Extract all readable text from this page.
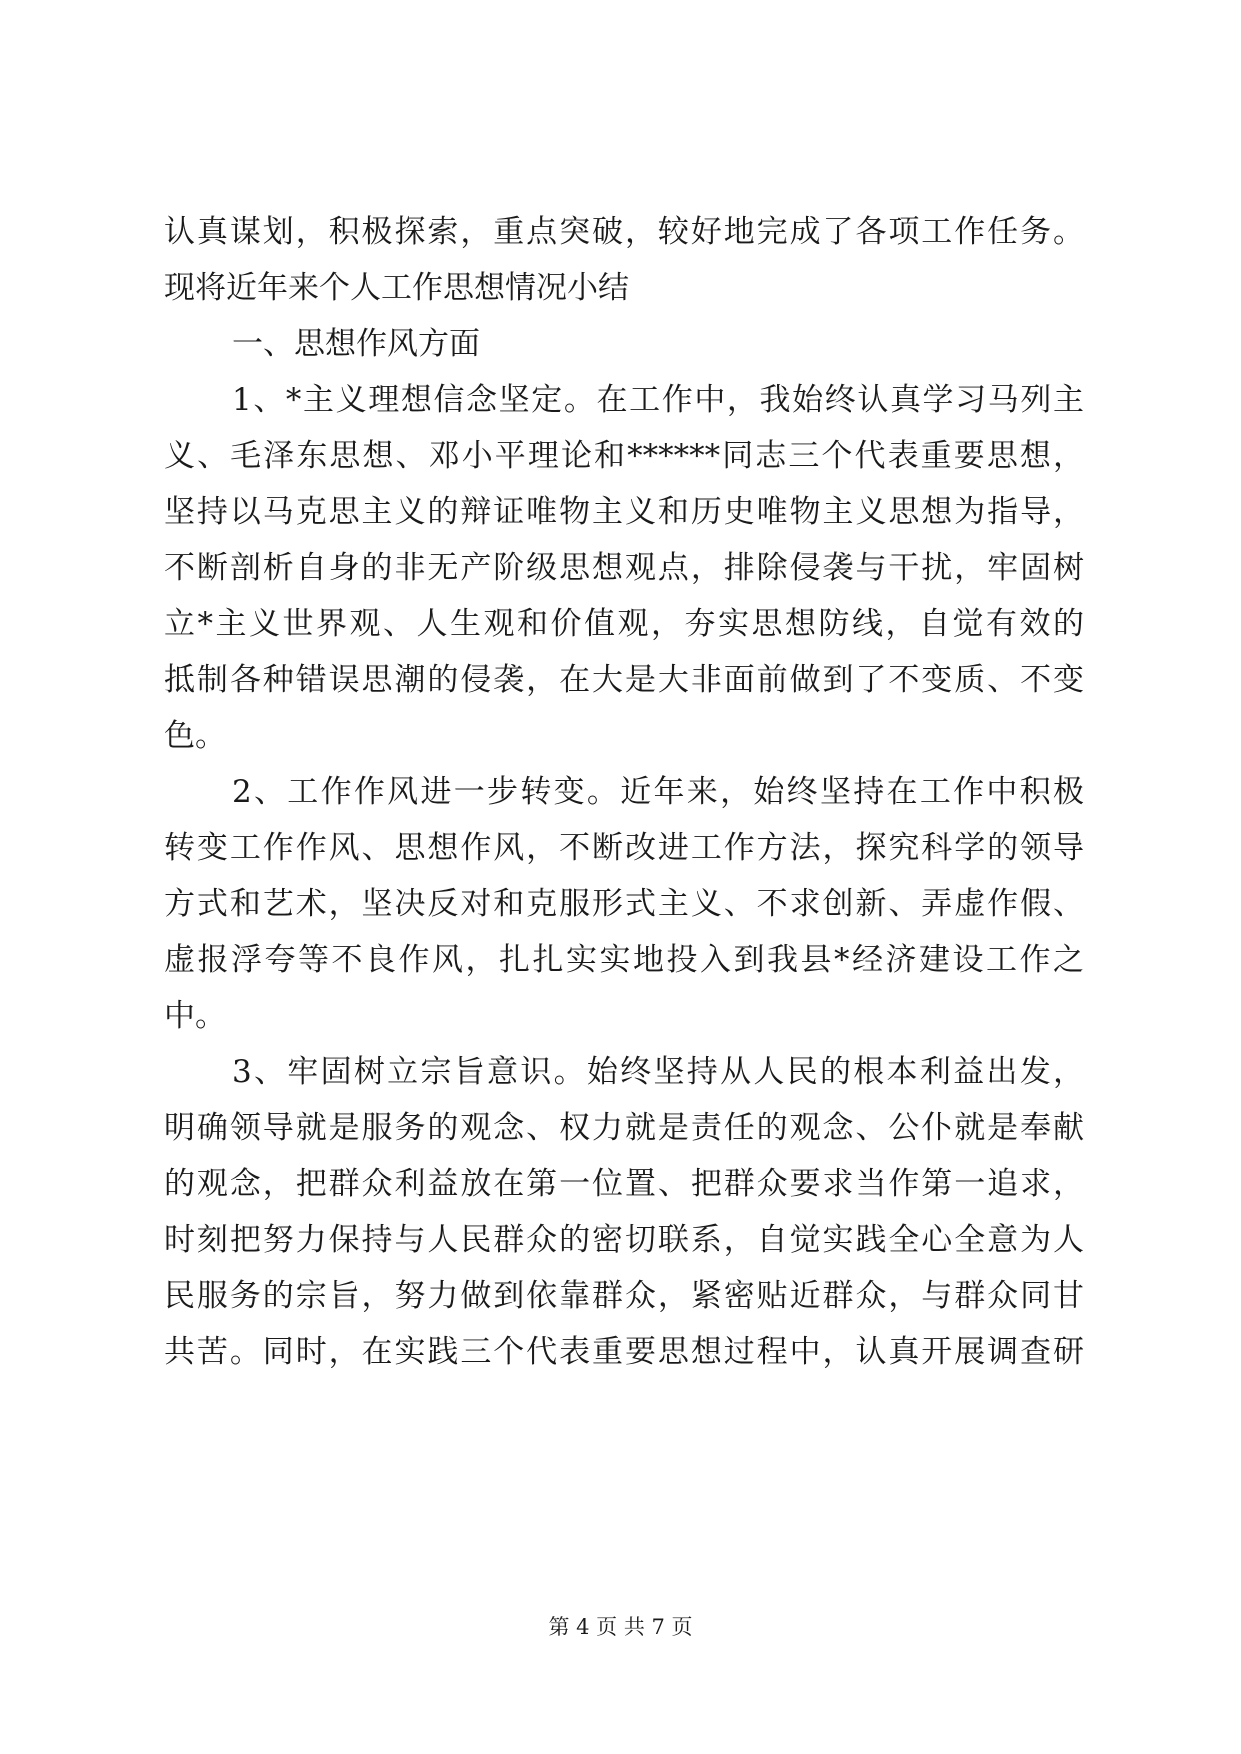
认真谋划，积极探索，重点突破，较好地完成了各项工作任务。
现将近年来个人工作思想情况小结
一、思想作风方面
1、*主义理想信念坚定。在工作中，我始终认真学习马列主
义、毛泽东思想、邓小平理论和******同志三个代表重要思想，
坚持以马克思主义的辩证唯物主义和历史唯物主义思想为指导，
不断剖析自身的非无产阶级思想观点，排除侵袭与干扰，牢固树
立*主义世界观、人生观和价值观，夯实思想防线，自觉有效的
抵制各种错误思潮的侵袭，在大是大非面前做到了不变质、不变
色。
2、工作作风进一步转变。近年来，始终坚持在工作中积极
转变工作作风、思想作风，不断改进工作方法，探究科学的领导
方式和艺术，坚决反对和克服形式主义、不求创新、弄虚作假、
虚报浮夸等不良作风，扎扎实实地投入到我县*经济建设工作之
中。
3、牢固树立宗旨意识。始终坚持从人民的根本利益出发，
明确领导就是服务的观念、权力就是责任的观念、公仆就是奉献
的观念，把群众利益放在第一位置、把群众要求当作第一追求，
时刻把努力保持与人民群众的密切联系，自觉实践全心全意为人
民服务的宗旨，努力做到依靠群众，紧密贴近群众，与群众同甘
共苦。同时，在实践三个代表重要思想过程中，认真开展调查研
第 4 页 共 7 页
